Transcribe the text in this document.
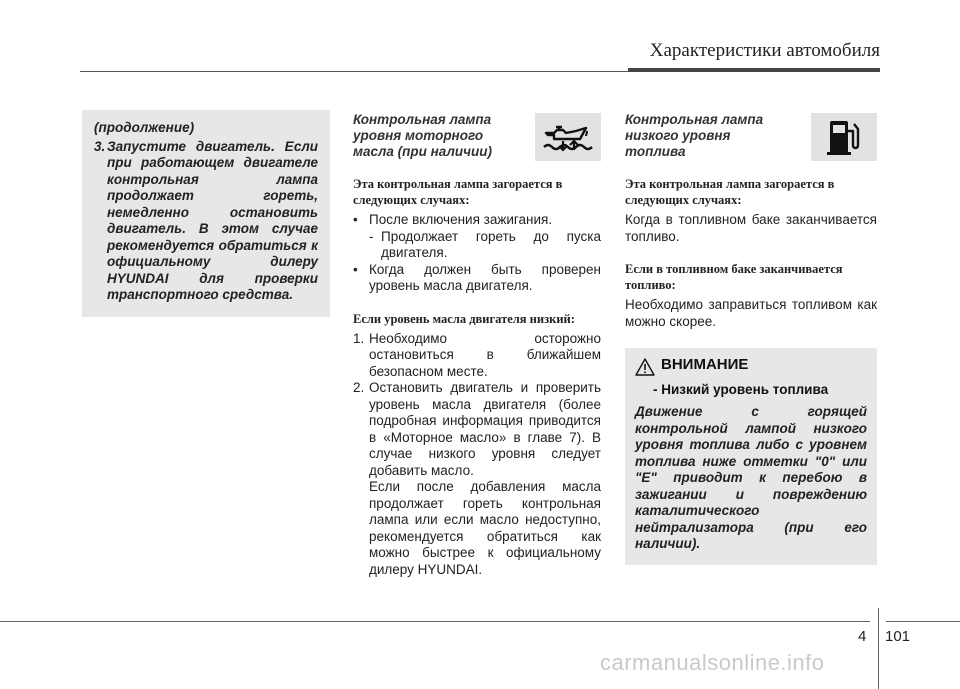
Характеристики автомобиля
(продолжение)
3. Запустите двигатель. Если при работающем двигателе контрольная лампа продолжает гореть, немедленно остановить двигатель. В этом случае рекомендуется обратиться к официальному дилеру HYUNDAI для проверки транспортного средства.
Контрольная лампа уровня моторного масла (при наличии)
Эта контрольная лампа загорается в следующих случаях:
• После включения зажигания.
- Продолжает гореть до пуска двигателя.
• Когда должен быть проверен уровень масла двигателя.
Если уровень масла двигателя низкий:
1. Необходимо осторожно остановиться в ближайшем безопасном месте.
2. Остановить двигатель и проверить уровень масла двигателя (более подробная информация приводится в «Моторное масло» в главе 7). В случае низкого уровня следует добавить масло.
Если после добавления масла продолжает гореть контрольная лампа или если масло недоступно, рекомендуется обратиться как можно быстрее к официальному дилеру HYUNDAI.
Контрольная лампа низкого уровня топлива
Эта контрольная лампа загорается в следующих случаях:
Когда в топливном баке заканчивается топливо.
Если в топливном баке заканчивается топливо:
Необходимо заправиться топливом как можно скорее.
ВНИМАНИЕ
- Низкий уровень топлива
Движение с горящей контрольной лампой низкого уровня топлива либо с уровнем топлива ниже отметки "0" или "E" приводит к перебою в зажигании и повреждению каталитического нейтрализатора (при его наличии).
4 101
carmanualsonline.info
